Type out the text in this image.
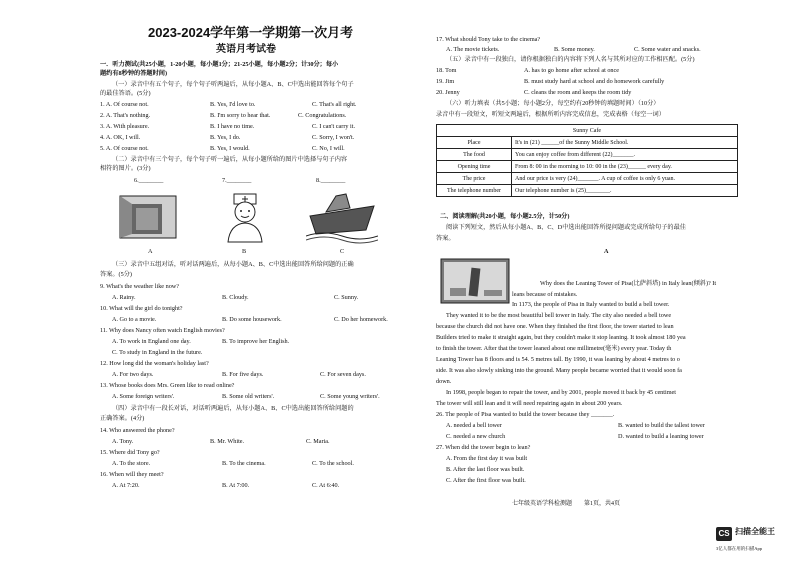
2023-2024学年第一学期第一次月考
英语月考试卷
一．听力测试(共25小题，1-20小题，每小题1分；21-25小题，每小题2分；计30分；每小
题约有8秒钟的答题时间)
（一）录音中有五个句子，每个句子听两遍后，从每小题A、B、C中选出能回答每个句子
的最佳答语。(5分)
1. A. Of course not.	B. Yes, I'd love to.	C. That's all right.
2. A. That's nothing.	B. I'm sorry to hear that.	C. Congratulations.
3. A. With pleasure.	B. I have no time.	C. I can't carry it.
4. A. OK, I will.	B. Yes, I do.	C. Sorry, I won't.
5. A. Of course not.	B. Yes, I would.	C. No, I will.
（二）录音中有三个句子，每个句子听一遍后，从每小题所给的图片中选择与句子内容
相符的图片。(3分)
6.________	7.________	8.________
A	B	C
（三）录音中五组对话，听对话两遍后，从每小题A、B、C中选出能回答所给问题的正确
答案。(5分)
9. What's the weather like now?
A. Rainy.	B. Cloudy.	C. Sunny.
10. What will the girl do tonight?
A. Go to a movie.	B. Do some housework.	C. Do her homework.
11. Why does Nancy often watch English movies?
A. To work in England one day.	B. To improve her English.
C. To study in England in the future.
12. How long did the woman's holiday last?
A. For two days.	B. For five days.	C. For seven days.
13. Whose books does Mrs. Green like to read online?
A. Some foreign writers'.	B. Some old writers'.	C. Some young writers'.
（四）录音中有一段长对话，对话听两遍后，从每小题A、B、C中选出能回答所给问题的
正确答案。(4分)
14. Who answered the phone?
A. Tony.	B. Mr. White.	C. Maria.
15. Where did Tony go?
A. To the store.	B. To the cinema.	C. To the school.
16. When will they meet?
A. At 7:20.	B. At 7:00.	C. At 6:40.
17. What should Tony take to the cinema?
A. The movie tickets.	B. Some money.	C. Some water and snacks.
（五）录音中有一段独白，请你根据独白的内容将下列人名与其所对应的工作相匹配。(5分)
18. Tom	A. has to go home after school at once
19. Jim	B. must study hard at school and do homework carefully
20. Jenny	C. cleans the room and keeps the room tidy
（六）听力填表（共5小题；每小题2分，每空约有20秒钟的填题时间）（10分）
录音中有一段短文，听短文两遍后，根据所听内容完成信息，完成表格（每空一词）
Sunny Cafe	
Place	It's in (21) ______of the Sunny Middle School.
The food	You can enjoy coffee from different (22)_______.
Opening time	From 8: 00 in the morning to 10: 00 in the (23)______ every day.
The price	And our price is very (24)_______. A cup of coffee is only 6 yuan.
The telephone number	Our telephone number is (25)________.
二、阅读理解(共20小题，每小题2.5分，计50分)
阅读下列短文，然后从每小题A、B、C、D中选出能回答所提问题或完成所给句子的最佳
答案。
A
Why does the Leaning Tower of Pisa(比萨斜塔) in Italy lean(倾斜)? It
leans because of mistakes.
In 1173, the people of Pisa in Italy wanted to build a bell tower.
They wanted it to be the most beautiful bell tower in Italy. The city also needed a bell towe
because the church did not have one. When they finished the first floor, the tower started to lean
Builders tried to make it straight again, but they couldn't make it stop leaning. It took almost 180 yea
to finish the tower. After that the tower leaned about one millimetre(毫米) every year. Today th
Leaning Tower has 8 floors and is 54. 5 metres tall. By 1990, it was leaning by about 4 metres to o
side. It was also slowly sinking into the ground. Many people became worried that it would soon fa
down.
In 1998, people began to repair the tower, and by 2001, people moved it back by 45 centimet
The tower will still lean and it will need repairing again in about 200 years.
26. The people of Pisa wanted to build the tower because they _______.
A. needed a bell tower	B. wanted to build the tallest tower
C. needed a new church	D. wanted to build a leaning tower
27. When did the tower begin to lean?
A. From the first day it was built
B. After the last floor was built.
C. After the first floor was built.
七年级英语学科检测题　　第1页，共4页
CS 扫描全能王
3亿人都在用的扫描App
